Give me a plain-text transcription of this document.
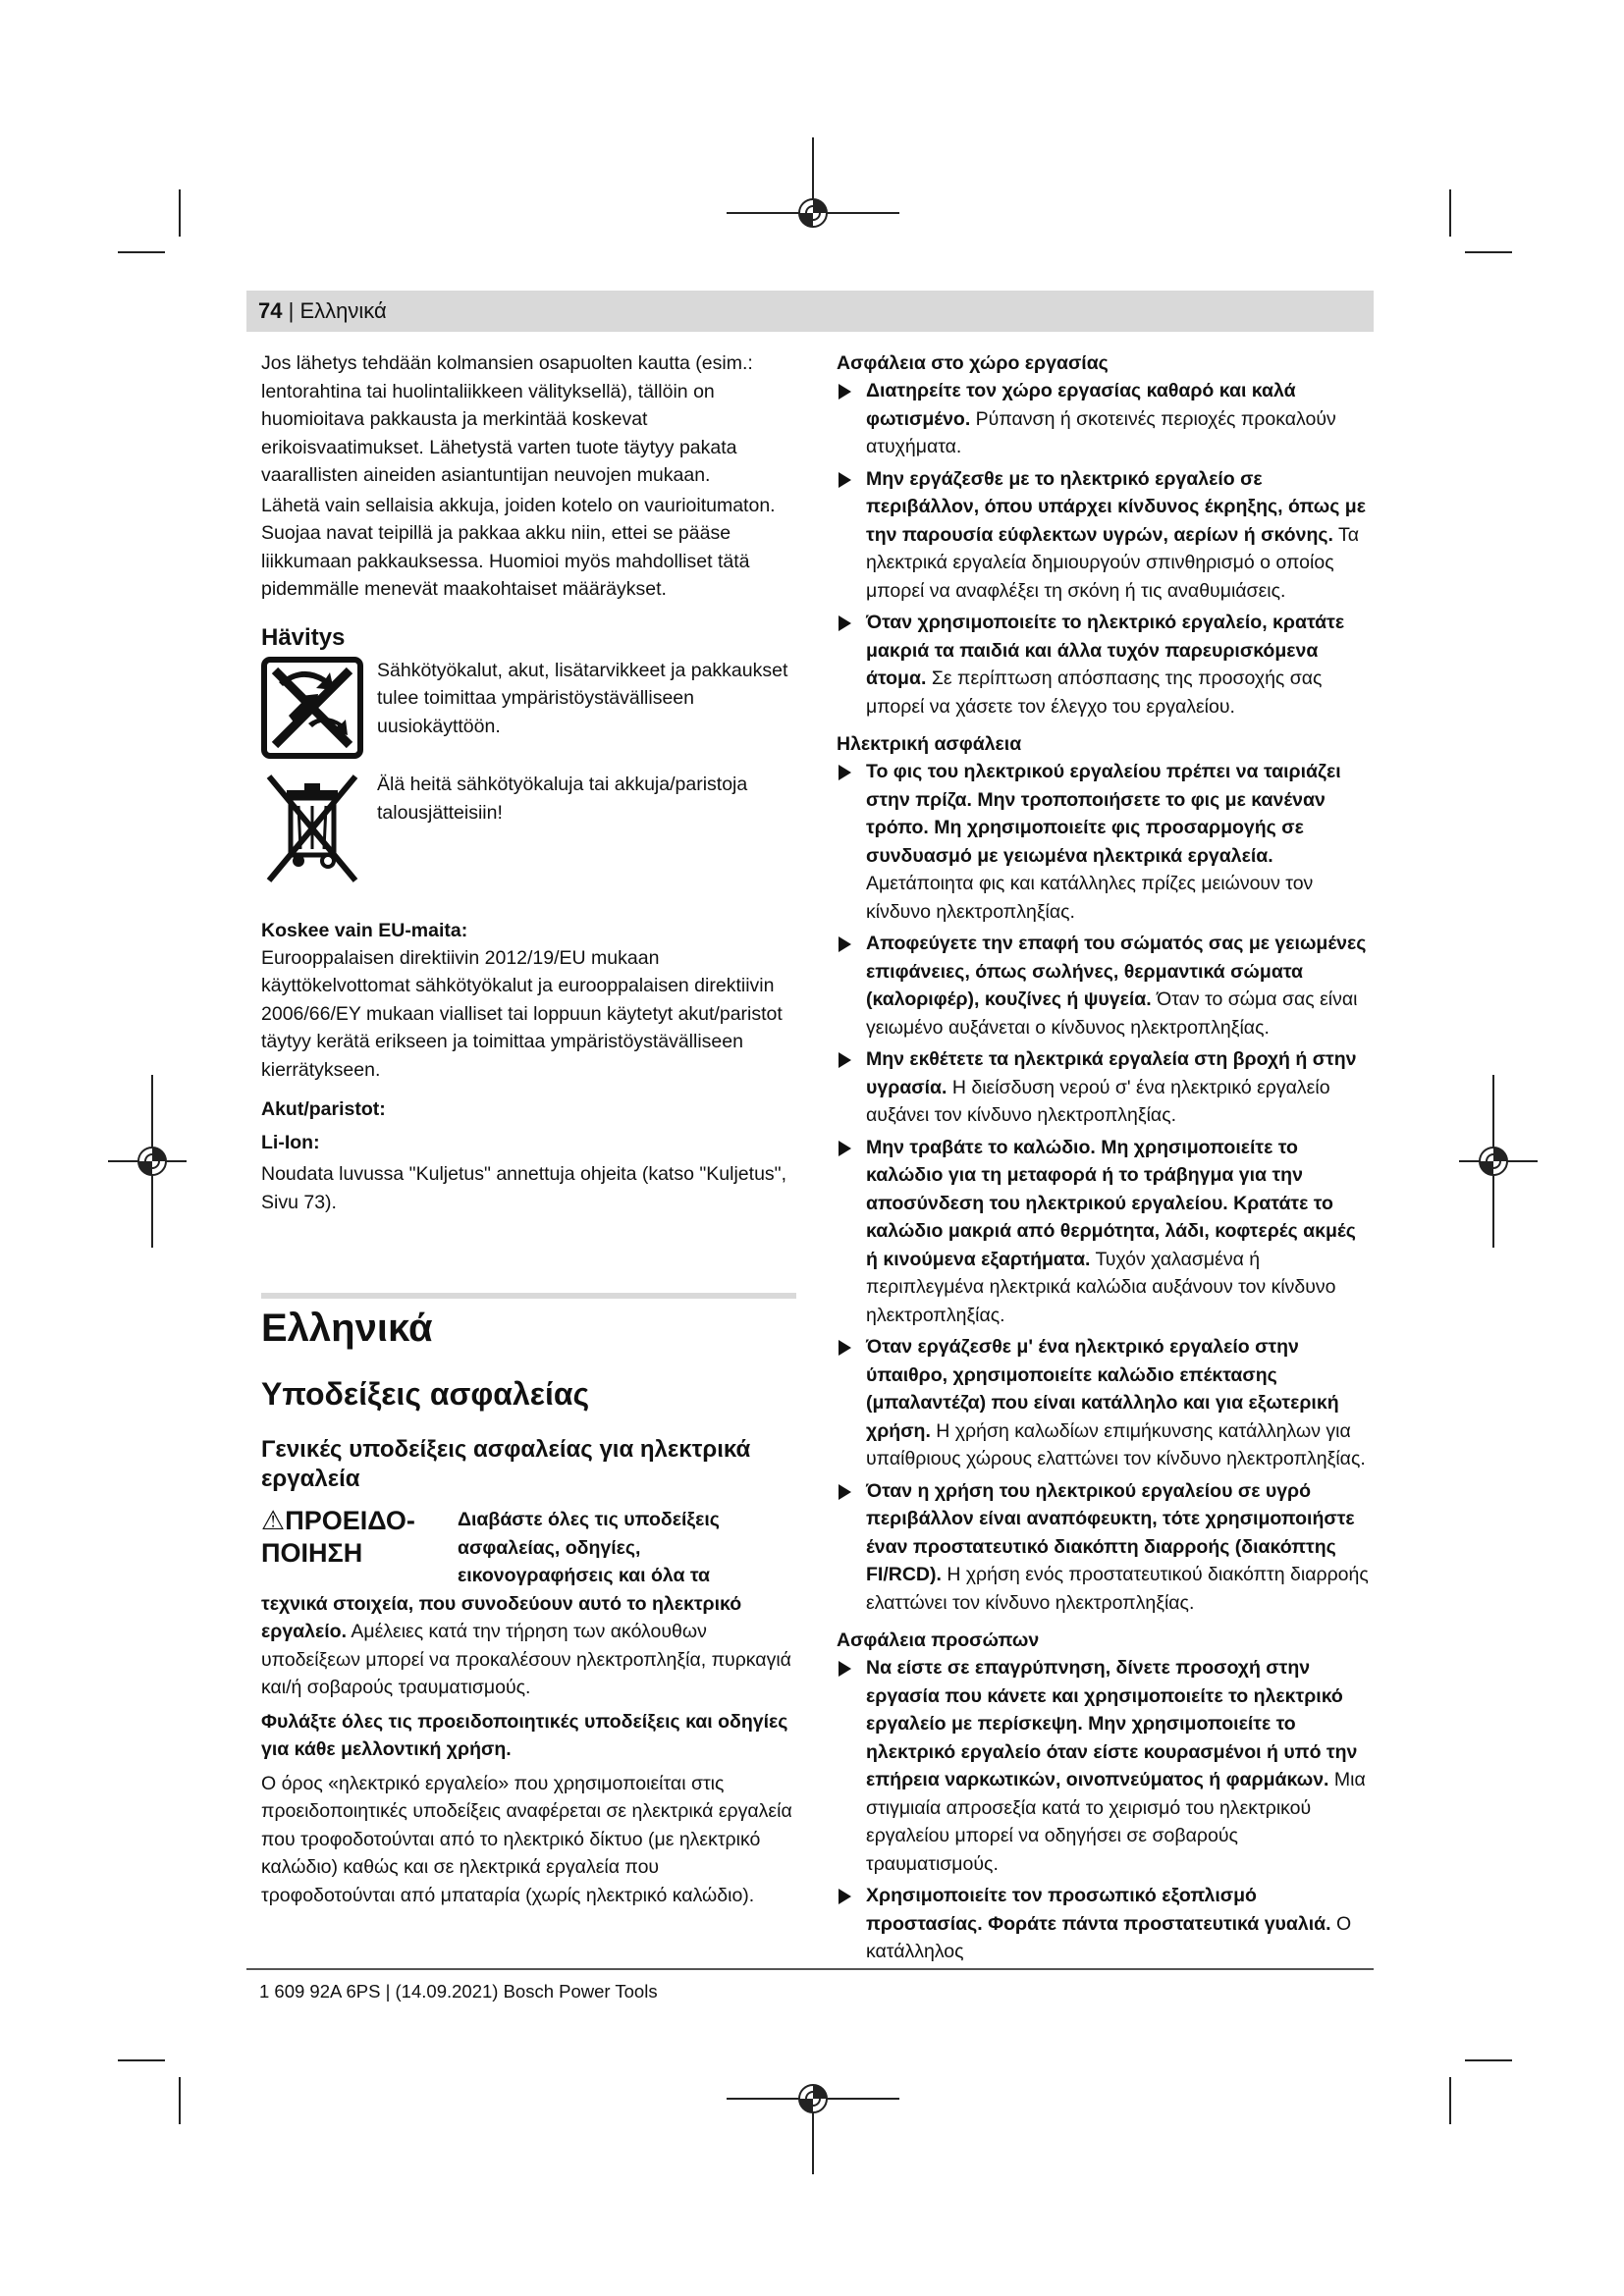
74 | Ελληνικά

Jos lähetys tehdään kolmansien osapuolten kautta (esim.: lentorahtina tai huolintaliikkeen välityksellä), tällöin on huomioitava pakkausta ja merkintää koskevat erikoisvaatimukset. Lähetystä varten tuote täytyy pakata vaarallisten aineiden asiantuntijan neuvojen mukaan.

Lähetä vain sellaisia akkuja, joiden kotelo on vaurioitumaton. Suojaa navat teipillä ja pakkaa akku niin, ettei se pääse liikkumaan pakkauksessa. Huomioi myös mahdolliset tätä pidemmälle menevät maakohtaiset määräykset.

Hävitys

Sähkötyökalut, akut, lisätarvikkeet ja pakkaukset tulee toimittaa ympäristöystävälliseen uusiokäyttöön.

Älä heitä sähkötyökaluja tai akkuja/paristoja talousjätteisiin!

Koskee vain EU-maita:

Eurooppalaisen direktiivin 2012/19/EU mukaan käyttökelvottomat sähkötyökalut ja eurooppalaisen direktiivin 2006/66/EY mukaan vialliset tai loppuun käytetyt akut/paristot täytyy kerätä erikseen ja toimittaa ympäristöystävälliseen kierrätykseen.

Akut/paristot:

Li-Ion:

Noudata luvussa "Kuljetus" annettuja ohjeita (katso "Kuljetus", Sivu 73).

Ελληνικά

Υποδείξεις ασφαλείας

Γενικές υποδείξεις ασφαλείας για ηλεκτρικά εργαλεία

⚠ΠΡΟΕΙΔΟ-ΠΟΙΗΣΗ

Διαβάστε όλες τις υποδείξεις ασφαλείας, οδηγίες, εικονογραφήσεις και όλα τα

τεχνικά στοιχεία, που συνοδεύουν αυτό το ηλεκτρικό εργαλείο. Αμέλειες κατά την τήρηση των ακόλουθων υποδείξεων μπορεί να προκαλέσουν ηλεκτροπληξία, πυρκαγιά και/ή σοβαρούς τραυματισμούς.

Φυλάξτε όλες τις προειδοποιητικές υποδείξεις και οδηγίες για κάθε μελλοντική χρήση.

Ο όρος «ηλεκτρικό εργαλείο» που χρησιμοποιείται στις προειδοποιητικές υποδείξεις αναφέρεται σε ηλεκτρικά εργαλεία που τροφοδοτούνται από το ηλεκτρικό δίκτυο (με ηλεκτρικό καλώδιο) καθώς και σε ηλεκτρικά εργαλεία που τροφοδοτούνται από μπαταρία (χωρίς ηλεκτρικό καλώδιο).

Ασφάλεια στο χώρο εργασίας

Διατηρείτε τον χώρο εργασίας καθαρό και καλά φωτισμένο. Ρύπανση ή σκοτεινές περιοχές προκαλούν ατυχήματα.
Μην εργάζεσθε με το ηλεκτρικό εργαλείο σε περιβάλλον, όπου υπάρχει κίνδυνος έκρηξης, όπως με την παρουσία εύφλεκτων υγρών, αερίων ή σκόνης. Τα ηλεκτρικά εργαλεία δημιουργούν σπινθηρισμό ο οποίος μπορεί να αναφλέξει τη σκόνη ή τις αναθυμιάσεις.
Όταν χρησιμοποιείτε το ηλεκτρικό εργαλείο, κρατάτε μακριά τα παιδιά και άλλα τυχόν παρευρισκόμενα άτομα. Σε περίπτωση απόσπασης της προσοχής σας μπορεί να χάσετε τον έλεγχο του εργαλείου.

Ηλεκτρική ασφάλεια

Το φις του ηλεκτρικού εργαλείου πρέπει να ταιριάζει στην πρίζα. Μην τροποποιήσετε το φις με κανέναν τρόπο. Μη χρησιμοποιείτε φις προσαρμογής σε συνδυασμό με γειωμένα ηλεκτρικά εργαλεία. Αμετάποιητα φις και κατάλληλες πρίζες μειώνουν τον κίνδυνο ηλεκτροπληξίας.
Αποφεύγετε την επαφή του σώματός σας με γειωμένες επιφάνειες, όπως σωλήνες, θερμαντικά σώματα (καλοριφέρ), κουζίνες ή ψυγεία. Όταν το σώμα σας είναι γειωμένο αυξάνεται ο κίνδυνος ηλεκτροπληξίας.
Μην εκθέτετε τα ηλεκτρικά εργαλεία στη βροχή ή στην υγρασία. Η διείσδυση νερού σ' ένα ηλεκτρικό εργαλείο αυξάνει τον κίνδυνο ηλεκτροπληξίας.
Μην τραβάτε το καλώδιο. Μη χρησιμοποιείτε το καλώδιο για τη μεταφορά ή το τράβηγμα για την αποσύνδεση του ηλεκτρικού εργαλείου. Κρατάτε το καλώδιο μακριά από θερμότητα, λάδι, κοφτερές ακμές ή κινούμενα εξαρτήματα. Τυχόν χαλασμένα ή περιπλεγμένα ηλεκτρικά καλώδια αυξάνουν τον κίνδυνο ηλεκτροπληξίας.
Όταν εργάζεσθε μ' ένα ηλεκτρικό εργαλείο στην ύπαιθρο, χρησιμοποιείτε καλώδιο επέκτασης (μπαλαντέζα) που είναι κατάλληλο και για εξωτερική χρήση. Η χρήση καλωδίων επιμήκυνσης κατάλληλων για υπαίθριους χώρους ελαττώνει τον κίνδυνο ηλεκτροπληξίας.
Όταν η χρήση του ηλεκτρικού εργαλείου σε υγρό περιβάλλον είναι αναπόφευκτη, τότε χρησιμοποιήστε έναν προστατευτικό διακόπτη διαρροής (διακόπτης FI/RCD). Η χρήση ενός προστατευτικού διακόπτη διαρροής ελαττώνει τον κίνδυνο ηλεκτροπληξίας.

Ασφάλεια προσώπων

Να είστε σε επαγρύπνηση, δίνετε προσοχή στην εργασία που κάνετε και χρησιμοποιείτε το ηλεκτρικό εργαλείο με περίσκεψη. Μην χρησιμοποιείτε το ηλεκτρικό εργαλείο όταν είστε κουρασμένοι ή υπό την επήρεια ναρκωτικών, οινοπνεύματος ή φαρμάκων. Μια στιγμιαία απροσεξία κατά το χειρισμό του ηλεκτρικού εργαλείου μπορεί να οδηγήσει σε σοβαρούς τραυματισμούς.
Χρησιμοποιείτε τον προσωπικό εξοπλισμό προστασίας. Φοράτε πάντα προστατευτικά γυαλιά. Ο κατάλληλος
1 609 92A 6PS | (14.09.2021) Bosch Power Tools
